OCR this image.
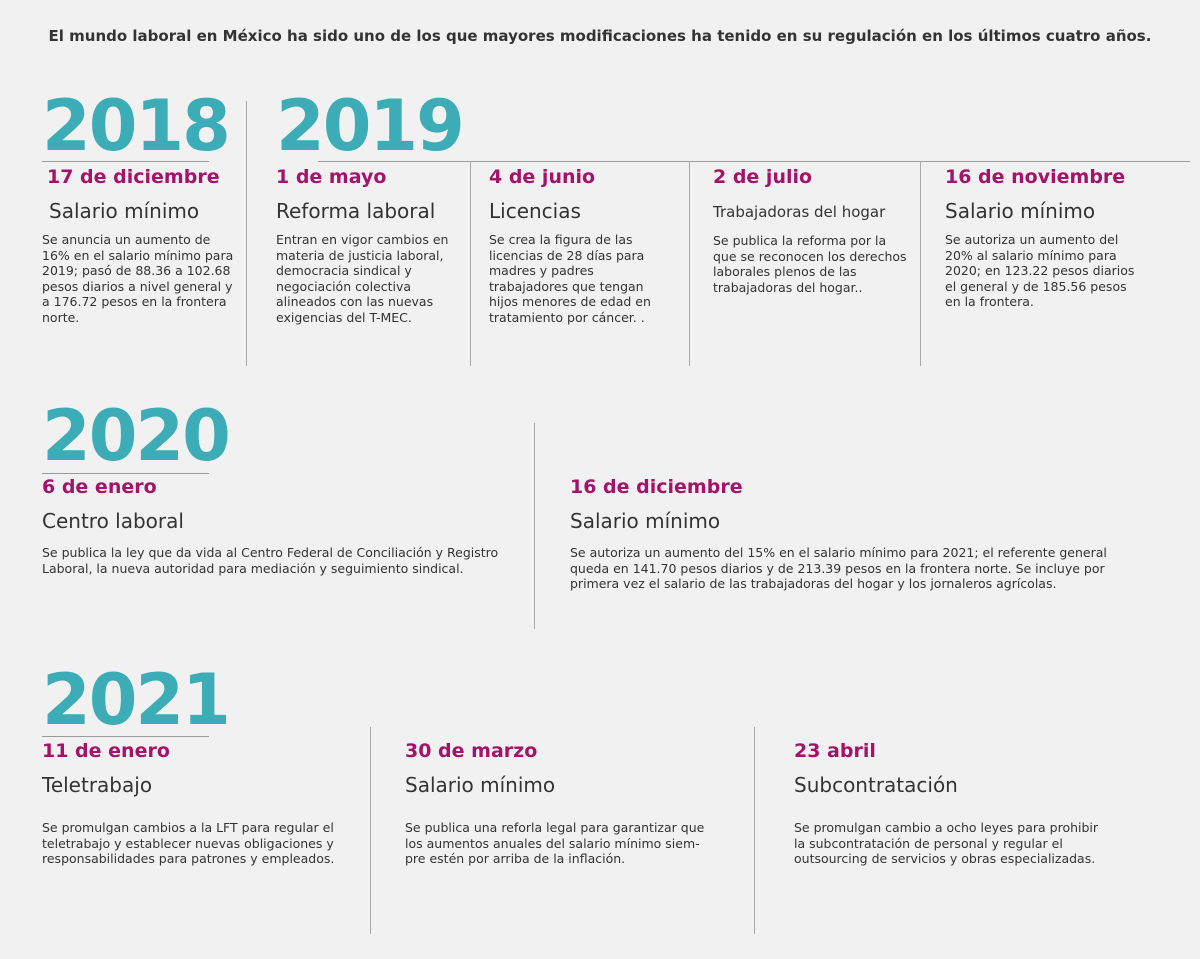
El mundo laboral en México ha sido uno de los que mayores modificaciones ha tenido en su regulación en los últimos cuatro años.
2018 2019
17 de diciembre
Salario mínimo
Se anuncia un aumento de 16% en el salario mínimo para 2019; pasó de 88.36 a 102.68 pesos diarios a nivel general y a 176.72 pesos en la frontera norte.
1 de mayo
Reforma laboral
Entran en vigor cambios en materia de justicia laboral, democracia sindical y negociación colectiva alineados con las nuevas exigencias del T-MEC.
4 de junio
Licencias
Se crea la figura de las licencias de 28 días para madres y padres trabajadores que tengan hijos menores de edad en tratamiento por cáncer. .
2 de julio
Trabajadoras del hogar
Se publica la reforma por la que se reconocen los derechos laborales plenos de las trabajadoras del hogar..
16 de noviembre
Salario mínimo
Se autoriza un aumento del 20% al salario mínimo para 2020; en 123.22 pesos diarios el general y de 185.56 pesos en la frontera.
2020
6 de enero
Centro laboral
Se publica la ley que da vida al Centro Federal de Conciliación y Registro Laboral, la nueva autoridad para mediación y seguimiento sindical.
16 de diciembre
Salario mínimo
Se autoriza un aumento del 15% en el salario mínimo para 2021; el referente general queda en 141.70 pesos diarios y de 213.39 pesos en la frontera norte. Se incluye por primera vez el salario de las trabajadoras del hogar y los jornaleros agrícolas.
2021
11 de enero
Teletrabajo
Se promulgan cambios a la LFT para regular el teletrabajo y establecer nuevas obligaciones y responsabilidades para patrones y empleados.
30 de marzo
Salario mínimo
Se publica una reforla legal para garantizar que los aumentos anuales del salario mínimo siem-pre estén por arriba de la inflación.
23 abril
Subcontratación
Se promulgan cambio a ocho leyes para prohibir la subcontratación de personal y regular el outsourcing de servicios y obras especializadas.
